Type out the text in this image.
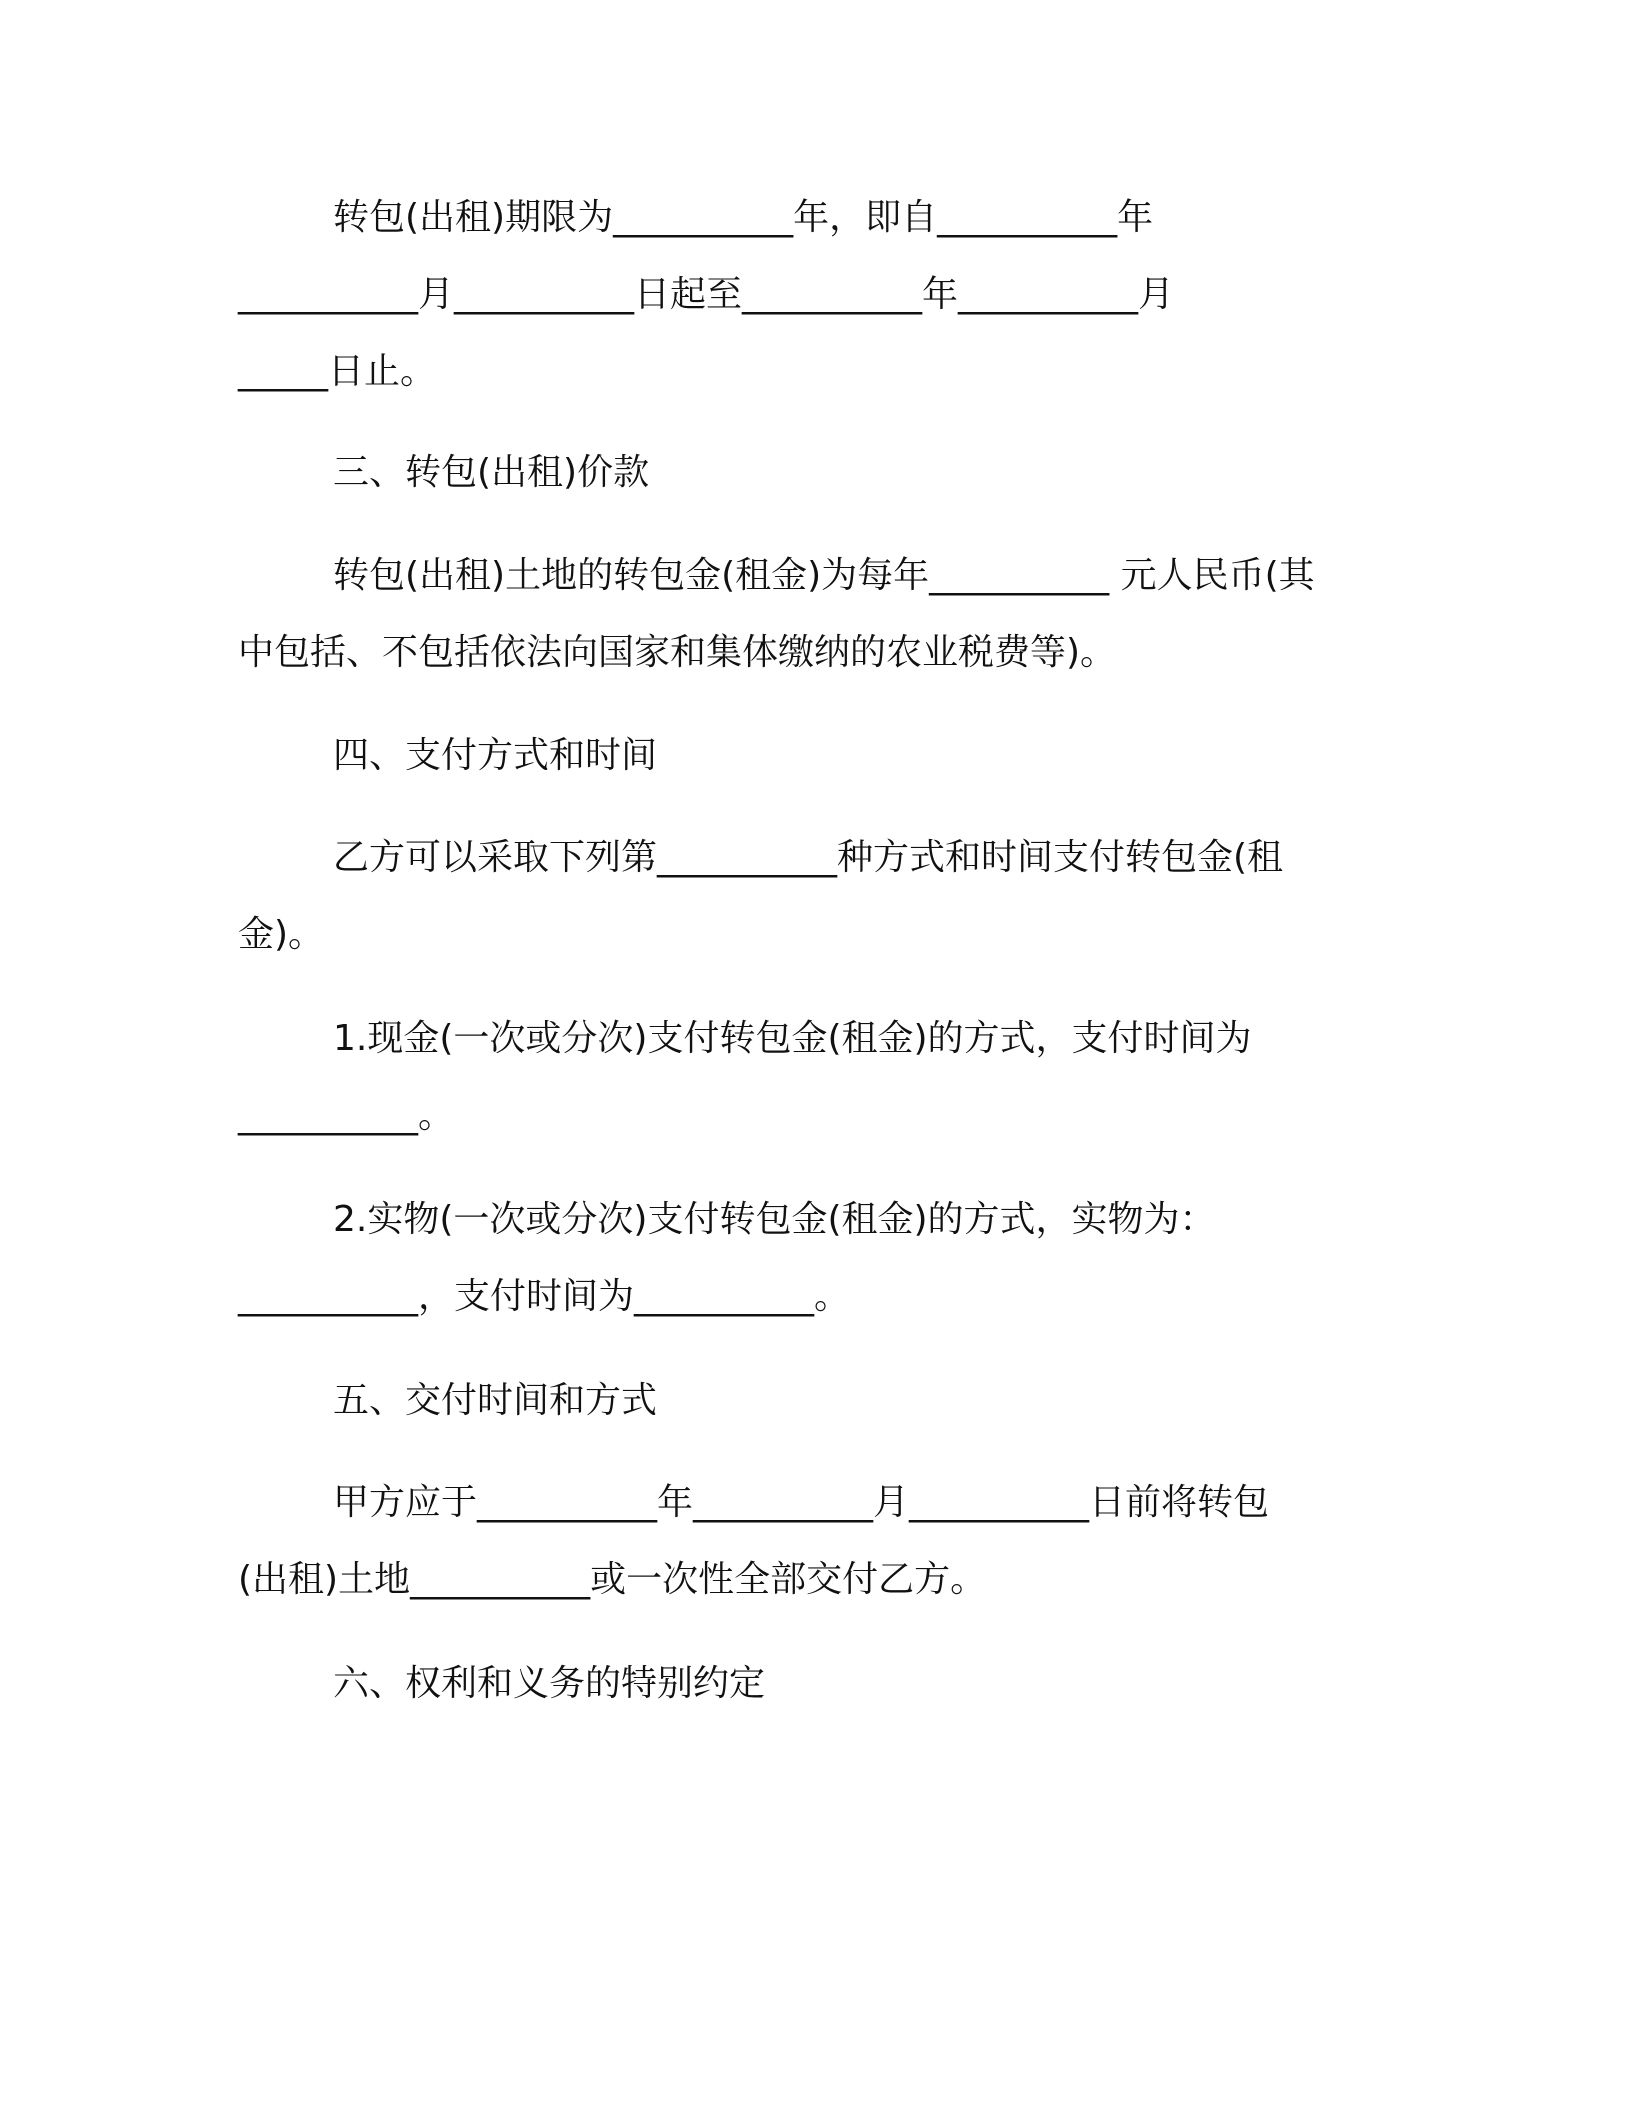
转包(出租)期限为__________年，即自__________年
__________月__________日起至__________年__________月
_____日止。
三、转包(出租)价款
转包(出租)土地的转包金(租金)为每年__________ 元人民币(其
中包括、不包括依法向国家和集体缴纳的农业税费等)。
四、支付方式和时间
乙方可以采取下列第__________种方式和时间支付转包金(租
金)。
1.现金(一次或分次)支付转包金(租金)的方式，支付时间为
__________。
2.实物(一次或分次)支付转包金(租金)的方式，实物为：
__________，支付时间为__________。
五、交付时间和方式
甲方应于__________年__________月__________日前将转包
(出租)土地__________或一次性全部交付乙方。
六、权利和义务的特别约定
